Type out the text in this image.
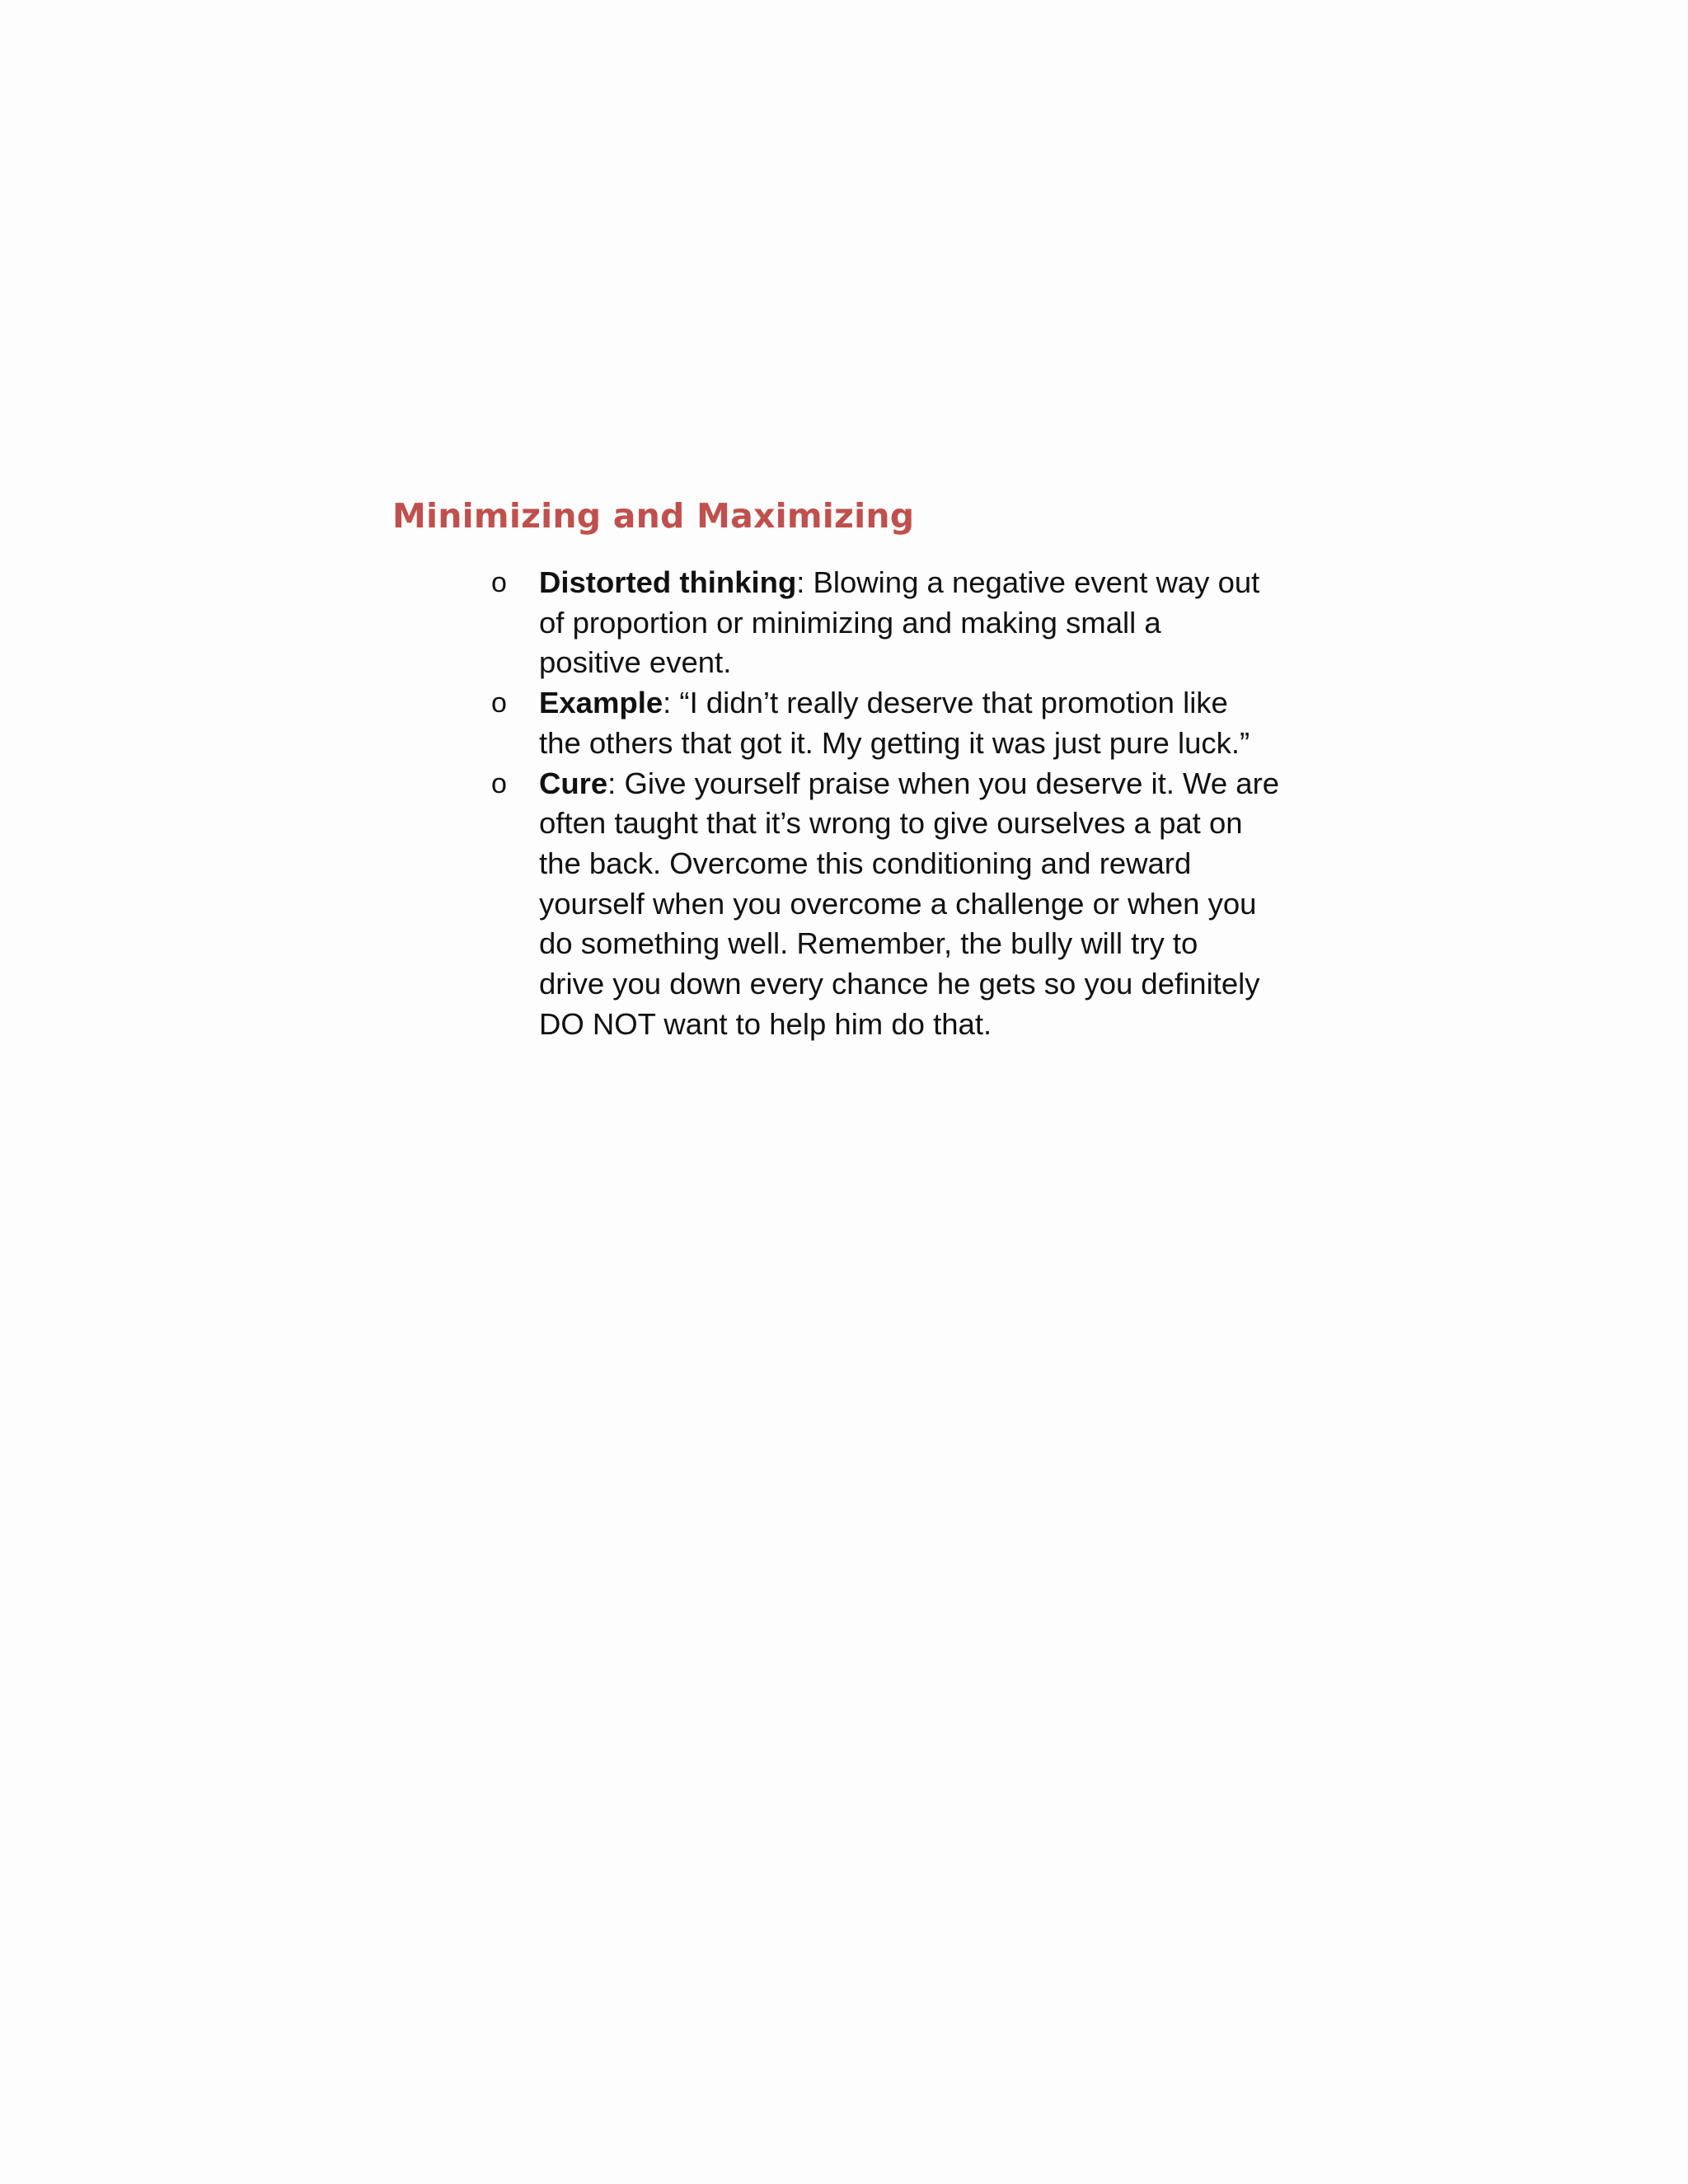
Minimizing and Maximizing
o	Distorted thinking: Blowing a negative event way out
of proportion or minimizing and making small a
positive event.
o	Example: “I didn’t really deserve that promotion like
the others that got it. My getting it was just pure luck.”
o	Cure: Give yourself praise when you deserve it. We are
often taught that it’s wrong to give ourselves a pat on
the back. Overcome this conditioning and reward
yourself when you overcome a challenge or when you
do something well. Remember, the bully will try to
drive you down every chance he gets so you definitely
DO NOT want to help him do that.
